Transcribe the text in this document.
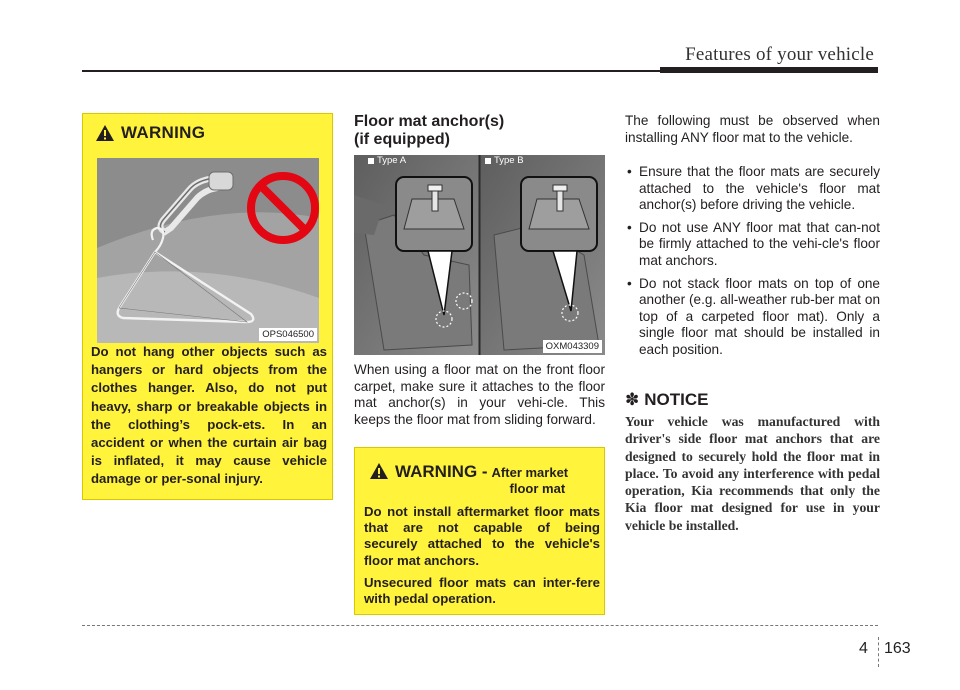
Features of your vehicle
WARNING
OPS046500
Do not hang other objects such as hangers or hard objects from the clothes hanger. Also, do not put heavy, sharp or breakable objects in the clothing’s pock-ets. In an accident or when the curtain air bag is inflated, it may cause vehicle damage or per-sonal injury.
Floor mat anchor(s)
(if equipped)
Type A	Type B
OXM043309
When using a floor mat on the front floor carpet, make sure it attaches to the floor mat anchor(s) in your vehi-cle. This keeps the floor mat from sliding forward.
WARNING - After market
floor mat

Do not install aftermarket floor mats that are not capable of being securely attached to the vehicle's floor mat anchors.

Unsecured floor mats can inter-fere with pedal operation.

The following must be observed when installing ANY floor mat to the vehicle.
• Ensure that the floor mats are securely attached to the vehicle's floor mat anchor(s) before driving the vehicle.
• Do not use ANY floor mat that can-not be firmly attached to the vehi-cle's floor mat anchors.
• Do not stack floor mats on top of one another (e.g. all-weather rub-ber mat on top of a carpeted floor mat). Only a single floor mat should be installed in each position.
✽ NOTICE
Your vehicle was manufactured with driver's side floor mat anchors that are designed to securely hold the floor mat in place. To avoid any interference with pedal operation, Kia recommends that only the Kia floor mat designed for use in your vehicle be installed.
4 163
